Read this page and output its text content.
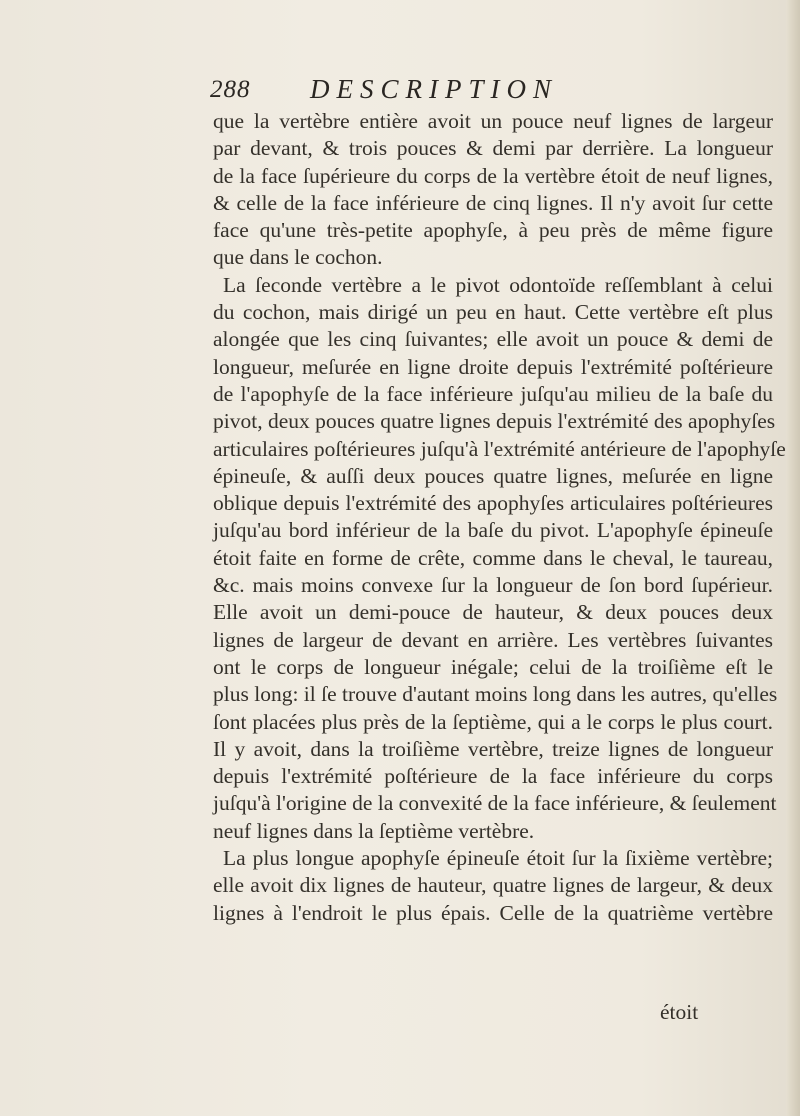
288 DESCRIPTION
que la vertèbre entière avoit un pouce neuf lignes de largeur
par devant, & trois pouces & demi par derrière. La longueur
de la face ſupérieure du corps de la vertèbre étoit de neuf lignes,
& celle de la face inférieure de cinq lignes. Il n'y avoit ſur cette
face qu'une très-petite apophyſe, à peu près de même figure
que dans le cochon.
La ſeconde vertèbre a le pivot odontoïde reſſemblant à celui
du cochon, mais dirigé un peu en haut. Cette vertèbre eſt plus
alongée que les cinq ſuivantes; elle avoit un pouce & demi de
longueur, meſurée en ligne droite depuis l'extrémité poſtérieure
de l'apophyſe de la face inférieure juſqu'au milieu de la baſe du
pivot, deux pouces quatre lignes depuis l'extrémité des apophyſes
articulaires poſtérieures juſqu'à l'extrémité antérieure de l'apophyſe
épineuſe, & auſſi deux pouces quatre lignes, meſurée en ligne
oblique depuis l'extrémité des apophyſes articulaires poſtérieures
juſqu'au bord inférieur de la baſe du pivot. L'apophyſe épineuſe
étoit faite en forme de crête, comme dans le cheval, le taureau,
&c. mais moins convexe ſur la longueur de ſon bord ſupérieur.
Elle avoit un demi-pouce de hauteur, & deux pouces deux
lignes de largeur de devant en arrière. Les vertèbres ſuivantes
ont le corps de longueur inégale; celui de la troiſième eſt le
plus long: il ſe trouve d'autant moins long dans les autres, qu'elles
ſont placées plus près de la ſeptième, qui a le corps le plus court.
Il y avoit, dans la troiſième vertèbre, treize lignes de longueur
depuis l'extrémité poſtérieure de la face inférieure du corps
juſqu'à l'origine de la convexité de la face inférieure, & ſeulement
neuf lignes dans la ſeptième vertèbre.
La plus longue apophyſe épineuſe étoit ſur la ſixième vertèbre;
elle avoit dix lignes de hauteur, quatre lignes de largeur, & deux
lignes à l'endroit le plus épais. Celle de la quatrième vertèbre
étoit
